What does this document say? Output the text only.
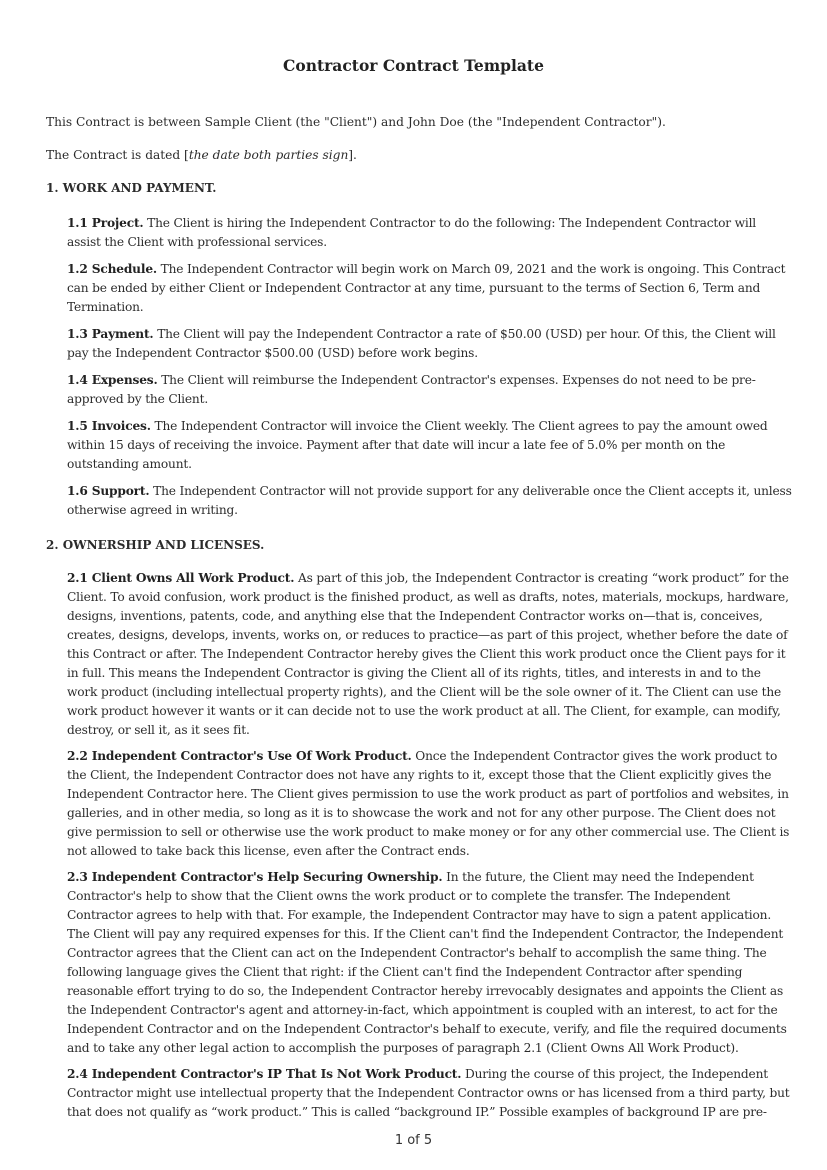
Contractor Contract Template
This Contract is between Sample Client (the "Client") and John Doe (the "Independent Contractor").
The Contract is dated [the date both parties sign].
1. WORK AND PAYMENT.
1.1 Project. The Client is hiring the Independent Contractor to do the following: The Independent Contractor will assist the Client with professional services.
1.2 Schedule. The Independent Contractor will begin work on March 09, 2021 and the work is ongoing. This Contract can be ended by either Client or Independent Contractor at any time, pursuant to the terms of Section 6, Term and Termination.
1.3 Payment. The Client will pay the Independent Contractor a rate of $50.00 (USD) per hour. Of this, the Client will pay the Independent Contractor $500.00 (USD) before work begins.
1.4 Expenses. The Client will reimburse the Independent Contractor's expenses. Expenses do not need to be pre-approved by the Client.
1.5 Invoices. The Independent Contractor will invoice the Client weekly. The Client agrees to pay the amount owed within 15 days of receiving the invoice. Payment after that date will incur a late fee of 5.0% per month on the outstanding amount.
1.6 Support. The Independent Contractor will not provide support for any deliverable once the Client accepts it, unless otherwise agreed in writing.
2. OWNERSHIP AND LICENSES.
2.1 Client Owns All Work Product. As part of this job, the Independent Contractor is creating “work product” for the Client. To avoid confusion, work product is the finished product, as well as drafts, notes, materials, mockups, hardware, designs, inventions, patents, code, and anything else that the Independent Contractor works on—that is, conceives, creates, designs, develops, invents, works on, or reduces to practice—as part of this project, whether before the date of this Contract or after. The Independent Contractor hereby gives the Client this work product once the Client pays for it in full. This means the Independent Contractor is giving the Client all of its rights, titles, and interests in and to the work product (including intellectual property rights), and the Client will be the sole owner of it. The Client can use the work product however it wants or it can decide not to use the work product at all. The Client, for example, can modify, destroy, or sell it, as it sees fit.
2.2 Independent Contractor's Use Of Work Product. Once the Independent Contractor gives the work product to the Client, the Independent Contractor does not have any rights to it, except those that the Client explicitly gives the Independent Contractor here. The Client gives permission to use the work product as part of portfolios and websites, in galleries, and in other media, so long as it is to showcase the work and not for any other purpose. The Client does not give permission to sell or otherwise use the work product to make money or for any other commercial use. The Client is not allowed to take back this license, even after the Contract ends.
2.3 Independent Contractor's Help Securing Ownership. In the future, the Client may need the Independent Contractor's help to show that the Client owns the work product or to complete the transfer. The Independent Contractor agrees to help with that. For example, the Independent Contractor may have to sign a patent application. The Client will pay any required expenses for this. If the Client can't find the Independent Contractor, the Independent Contractor agrees that the Client can act on the Independent Contractor's behalf to accomplish the same thing. The following language gives the Client that right: if the Client can't find the Independent Contractor after spending reasonable effort trying to do so, the Independent Contractor hereby irrevocably designates and appoints the Client as the Independent Contractor's agent and attorney-in-fact, which appointment is coupled with an interest, to act for the Independent Contractor and on the Independent Contractor's behalf to execute, verify, and file the required documents and to take any other legal action to accomplish the purposes of paragraph 2.1 (Client Owns All Work Product).
2.4 Independent Contractor's IP That Is Not Work Product. During the course of this project, the Independent Contractor might use intellectual property that the Independent Contractor owns or has licensed from a third party, but that does not qualify as “work product.” This is called “background IP.” Possible examples of background IP are pre-
1 of 5
